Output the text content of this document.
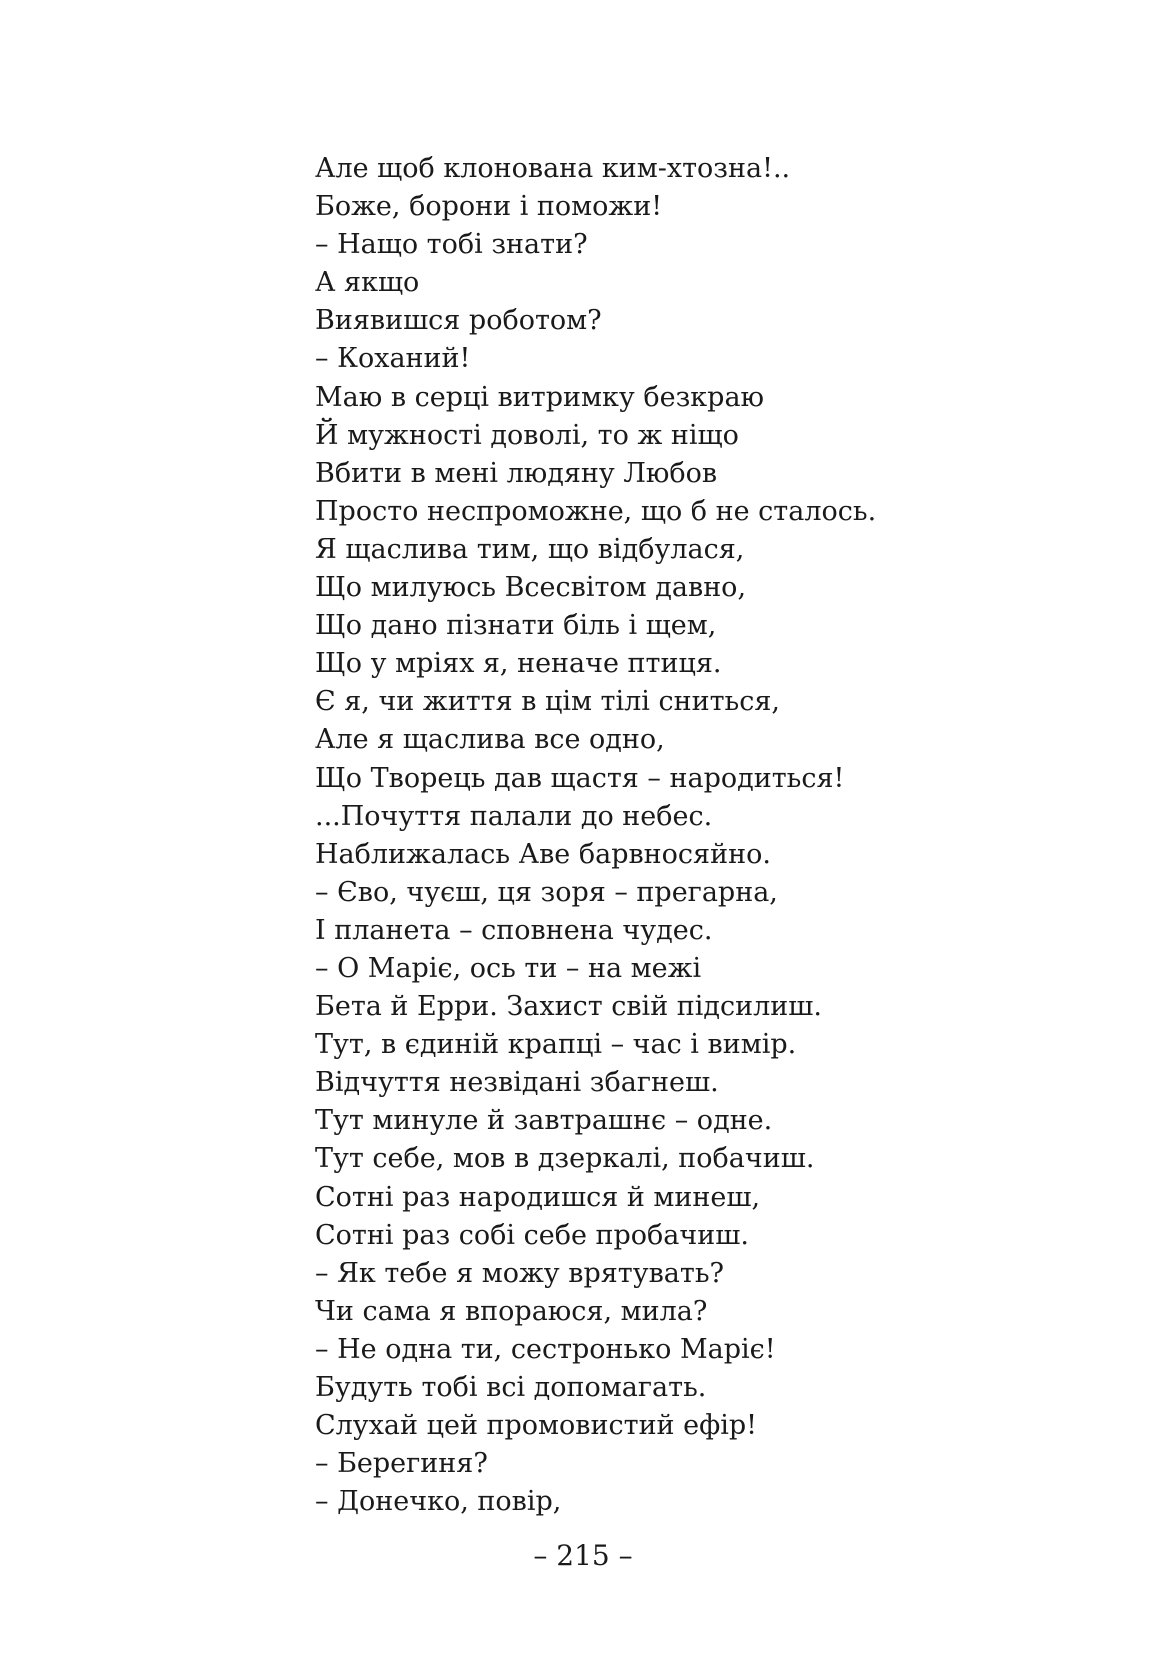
Але щоб клонована ким-хтозна!..
Боже, борони і поможи!
– Нащо тобі знати?
А якщо
Виявишся роботом?
– Коханий!
Маю в серці витримку безкраю
Й мужності доволі, то ж ніщо
Вбити в мені людяну Любов
Просто неспроможне, що б не сталось.
Я щаслива тим, що відбулася,
Що милуюсь Всесвітом давно,
Що дано пізнати біль і щем,
Що у мріях я, неначе птиця.
Є я, чи життя в цім тілі сниться,
Але я щаслива все одно,
Що Творець дав щастя – народиться!
...Почуття палали до небес.
Наближалась Аве барвносяйно.
– Єво, чуєш, ця зоря – прегарна,
І планета – сповнена чудес.
– О Маріє, ось ти – на межі
Бета й Ерри. Захист свій підсилиш.
Тут, в єдиній крапці – час і вимір.
Відчуття незвідані збагнеш.
Тут минуле й завтрашнє – одне.
Тут себе, мов в дзеркалі, побачиш.
Сотні раз народишся й минеш,
Сотні раз собі себе пробачиш.
– Як тебе я можу врятувать?
Чи сама я впораюся, мила?
– Не одна ти, сестронько Маріє!
Будуть тобі всі допомагать.
Слухай цей промовистий ефір!
– Берегиня?
– Донечко, повір,
– 215 –
